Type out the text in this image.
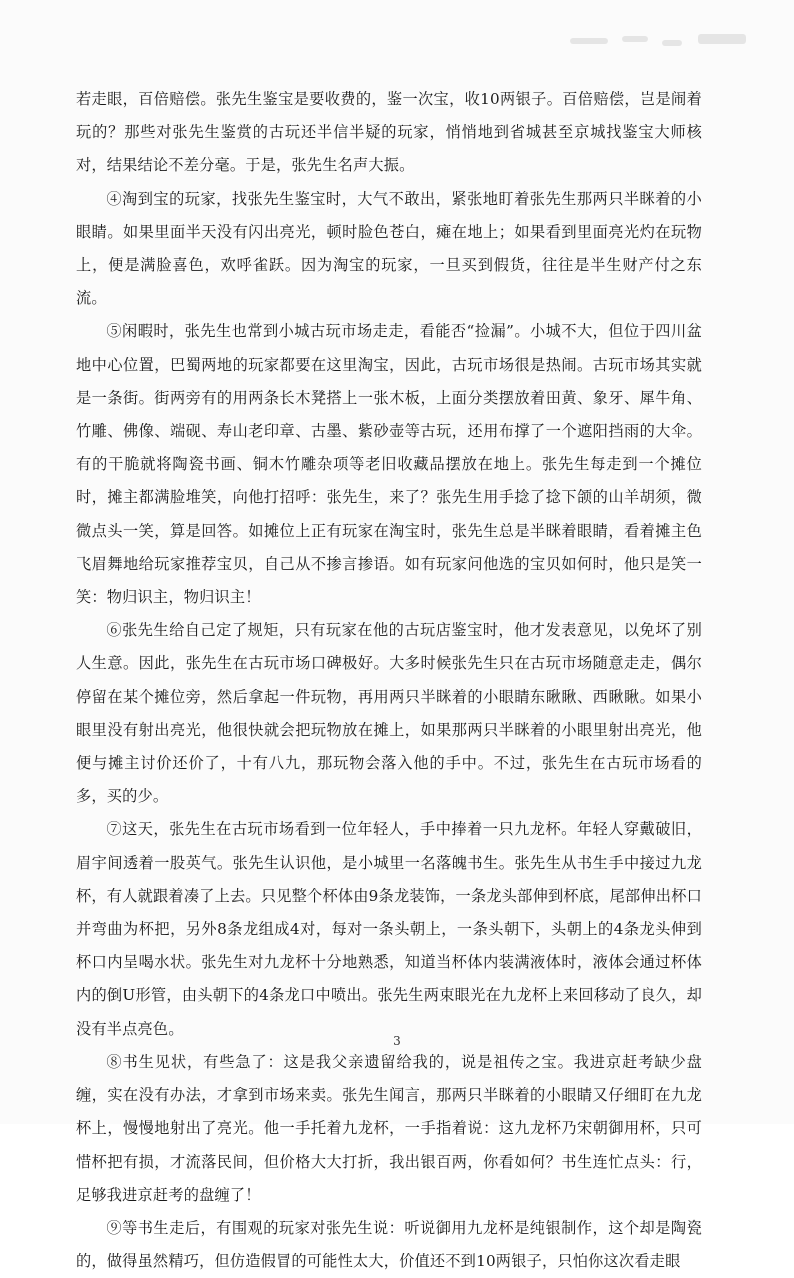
若走眼，百倍赔偿。张先生鉴宝是要收费的，鉴一次宝，收10两银子。百倍赔偿，岂是闹着玩的？那些对张先生鉴赏的古玩还半信半疑的玩家，悄悄地到省城甚至京城找鉴宝大师核对，结果结论不差分毫。于是，张先生名声大振。

④淘到宝的玩家，找张先生鉴宝时，大气不敢出，紧张地盯着张先生那两只半眯着的小眼睛。如果里面半天没有闪出亮光，顿时脸色苍白，瘫在地上；如果看到里面亮光灼在玩物上，便是满脸喜色，欢呼雀跃。因为淘宝的玩家，一旦买到假货，往往是半生财产付之东流。

⑤闲暇时，张先生也常到小城古玩市场走走，看能否“捡漏”。小城不大，但位于四川盆地中心位置，巴蜀两地的玩家都要在这里淘宝，因此，古玩市场很是热闹。古玩市场其实就是一条街。街两旁有的用两条长木凳搭上一张木板，上面分类摆放着田黄、象牙、犀牛角、竹雕、佛像、端砚、寿山老印章、古墨、紫砂壶等古玩，还用布撑了一个遮阳挡雨的大伞。有的干脆就将陶瓷书画、铜木竹雕杂项等老旧收藏品摆放在地上。张先生每走到一个摊位时，摊主都满脸堆笑，向他打招呼：张先生，来了？张先生用手捻了捻下颌的山羊胡须，微微点头一笑，算是回答。如摊位上正有玩家在淘宝时，张先生总是半眯着眼睛，看着摊主色飞眉舞地给玩家推荐宝贝，自己从不掺言掺语。如有玩家问他选的宝贝如何时，他只是笑一笑：物归识主，物归识主！

⑥张先生给自己定了规矩，只有玩家在他的古玩店鉴宝时，他才发表意见，以免坏了别人生意。因此，张先生在古玩市场口碑极好。大多时候张先生只在古玩市场随意走走，偶尔停留在某个摊位旁，然后拿起一件玩物，再用两只半眯着的小眼睛东瞅瞅、西瞅瞅。如果小眼里没有射出亮光，他很快就会把玩物放在摊上，如果那两只半眯着的小眼里射出亮光，他便与摊主讨价还价了，十有八九，那玩物会落入他的手中。不过，张先生在古玩市场看的多，买的少。

⑦这天，张先生在古玩市场看到一位年轻人，手中捧着一只九龙杯。年轻人穿戴破旧，眉宇间透着一股英气。张先生认识他，是小城里一名落魄书生。张先生从书生手中接过九龙杯，有人就跟着凑了上去。只见整个杯体由9条龙装饰，一条龙头部伸到杯底，尾部伸出杯口并弯曲为杯把，另外8条龙组成4对，每对一条头朝上，一条头朝下，头朝上的4条龙头伸到杯口内呈喝水状。张先生对九龙杯十分地熟悉，知道当杯体内装满液体时，液体会通过杯体内的倒U形管，由头朝下的4条龙口中喷出。张先生两束眼光在九龙杯上来回移动了良久，却没有半点亮色。

⑧书生见状，有些急了：这是我父亲遗留给我的，说是祖传之宝。我进京赶考缺少盘缠，实在没有办法，才拿到市场来卖。张先生闻言，那两只半眯着的小眼睛又仔细盯在九龙杯上，慢慢地射出了亮光。他一手托着九龙杯，一手指着说：这九龙杯乃宋朝御用杯，只可惜杯把有损，才流落民间，但价格大大打折，我出银百两，你看如何？书生连忙点头：行，足够我进京赶考的盘缠了！

⑨等书生走后，有围观的玩家对张先生说：听说御用九龙杯是纯银制作，这个却是陶瓷的，做得虽然精巧，但仿造假冒的可能性太大，价值还不到10两银子，只怕你这次看走眼

3
